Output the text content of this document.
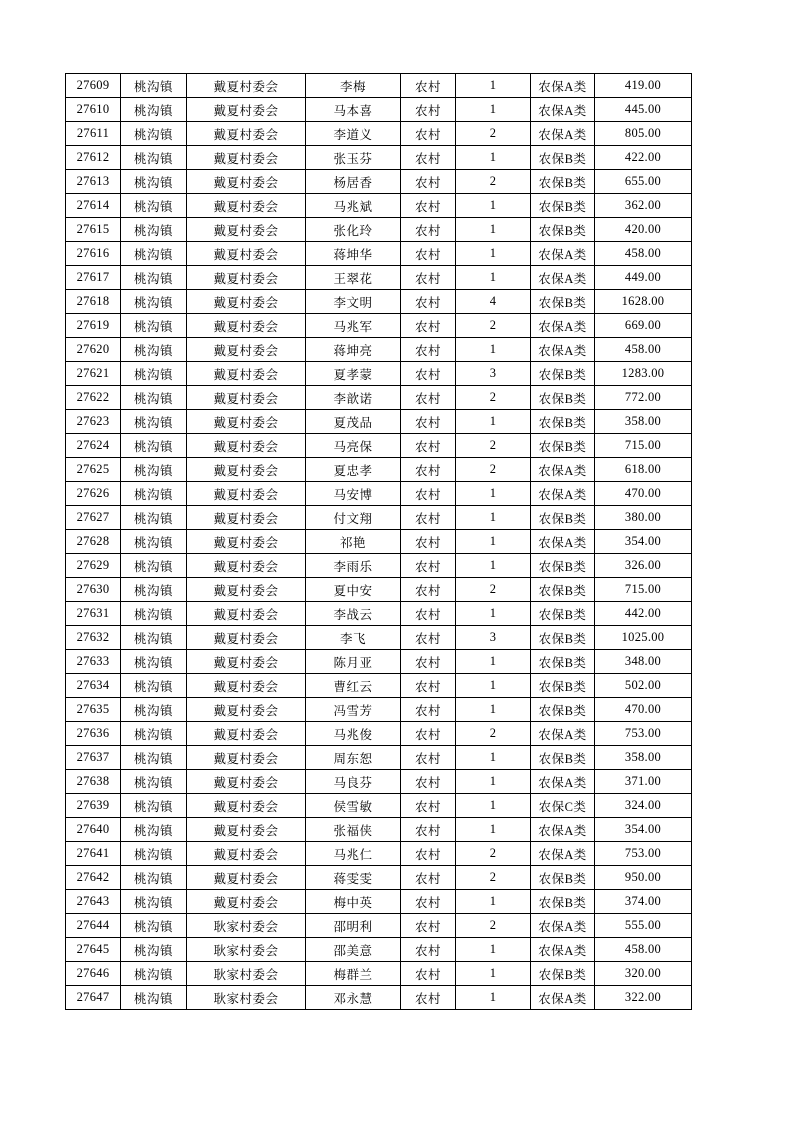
27609	桃沟镇	戴夏村委会	李梅	农村	1	农保A类	419.00
27610	桃沟镇	戴夏村委会	马本喜	农村	1	农保A类	445.00
27611	桃沟镇	戴夏村委会	李道义	农村	2	农保A类	805.00
27612	桃沟镇	戴夏村委会	张玉芬	农村	1	农保B类	422.00
27613	桃沟镇	戴夏村委会	杨居香	农村	2	农保B类	655.00
27614	桃沟镇	戴夏村委会	马兆斌	农村	1	农保B类	362.00
27615	桃沟镇	戴夏村委会	张化玲	农村	1	农保B类	420.00
27616	桃沟镇	戴夏村委会	蒋坤华	农村	1	农保A类	458.00
27617	桃沟镇	戴夏村委会	王翠花	农村	1	农保A类	449.00
27618	桃沟镇	戴夏村委会	李文明	农村	4	农保B类	1628.00
27619	桃沟镇	戴夏村委会	马兆军	农村	2	农保A类	669.00
27620	桃沟镇	戴夏村委会	蒋坤亮	农村	1	农保A类	458.00
27621	桃沟镇	戴夏村委会	夏孝蒙	农村	3	农保B类	1283.00
27622	桃沟镇	戴夏村委会	李歆诺	农村	2	农保B类	772.00
27623	桃沟镇	戴夏村委会	夏茂品	农村	1	农保B类	358.00
27624	桃沟镇	戴夏村委会	马亮保	农村	2	农保B类	715.00
27625	桃沟镇	戴夏村委会	夏忠孝	农村	2	农保A类	618.00
27626	桃沟镇	戴夏村委会	马安博	农村	1	农保A类	470.00
27627	桃沟镇	戴夏村委会	付文翔	农村	1	农保B类	380.00
27628	桃沟镇	戴夏村委会	祁艳	农村	1	农保A类	354.00
27629	桃沟镇	戴夏村委会	李雨乐	农村	1	农保B类	326.00
27630	桃沟镇	戴夏村委会	夏中安	农村	2	农保B类	715.00
27631	桃沟镇	戴夏村委会	李战云	农村	1	农保B类	442.00
27632	桃沟镇	戴夏村委会	李飞	农村	3	农保B类	1025.00
27633	桃沟镇	戴夏村委会	陈月亚	农村	1	农保B类	348.00
27634	桃沟镇	戴夏村委会	曹红云	农村	1	农保B类	502.00
27635	桃沟镇	戴夏村委会	冯雪芳	农村	1	农保B类	470.00
27636	桃沟镇	戴夏村委会	马兆俊	农村	2	农保A类	753.00
27637	桃沟镇	戴夏村委会	周东恕	农村	1	农保B类	358.00
27638	桃沟镇	戴夏村委会	马良芬	农村	1	农保A类	371.00
27639	桃沟镇	戴夏村委会	侯雪敏	农村	1	农保C类	324.00
27640	桃沟镇	戴夏村委会	张福侠	农村	1	农保A类	354.00
27641	桃沟镇	戴夏村委会	马兆仁	农村	2	农保A类	753.00
27642	桃沟镇	戴夏村委会	蒋雯雯	农村	2	农保B类	950.00
27643	桃沟镇	戴夏村委会	梅中英	农村	1	农保B类	374.00
27644	桃沟镇	耿家村委会	邵明利	农村	2	农保A类	555.00
27645	桃沟镇	耿家村委会	邵美意	农村	1	农保A类	458.00
27646	桃沟镇	耿家村委会	梅群兰	农村	1	农保B类	320.00
27647	桃沟镇	耿家村委会	邓永慧	农村	1	农保A类	322.00
